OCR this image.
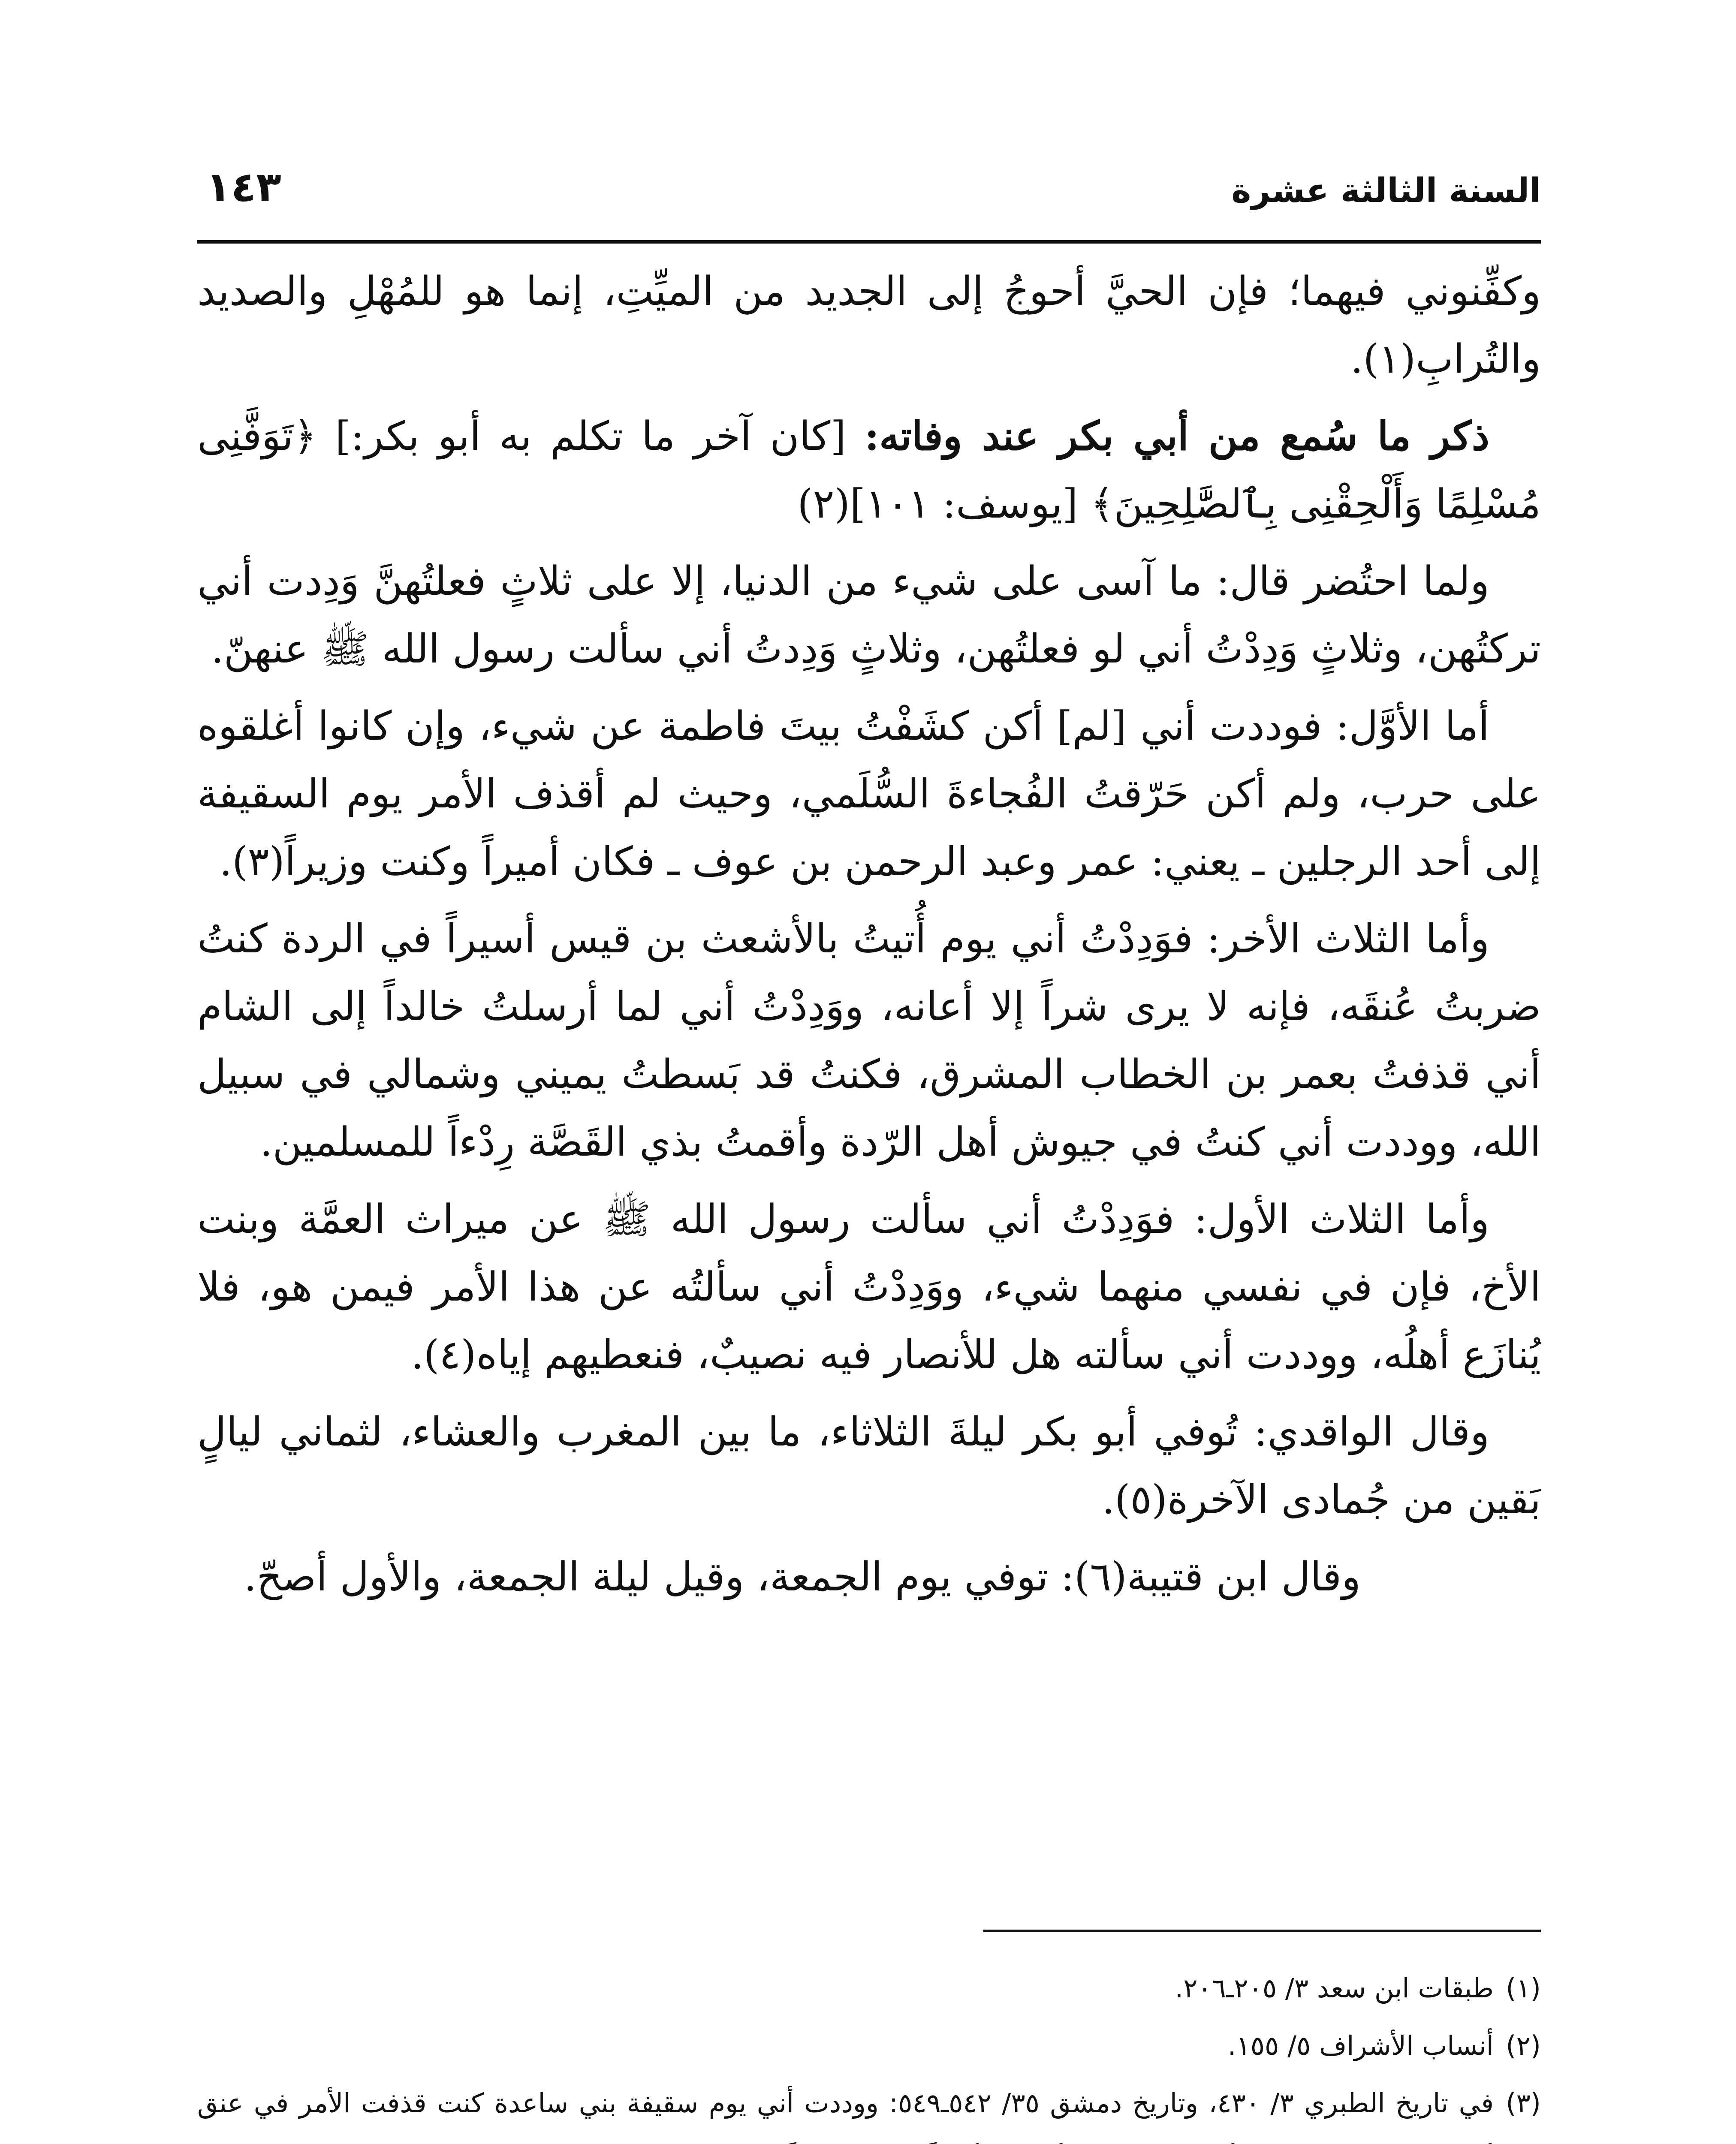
السنة الثالثة عشرة
١٤٣

وكفِّنوني فيهما؛ فإن الحيَّ أحوجُ إلى الجديد من الميِّتِ، إنما هو للمُهْلِ والصديد والتُرابِ(١).

ذكر ما سُمع من أبي بكر عند وفاته: [كان آخر ما تكلم به أبو بكر:] ﴿تَوَفَّنِى مُسْلِمًا وَأَلْحِقْنِى بِٱلصَّٰلِحِينَ﴾ [يوسف: ١٠١](٢)

ولما احتُضر قال: ما آسى على شيء من الدنيا، إلا على ثلاثٍ فعلتُهنَّ وَدِدت أني تركتُهن، وثلاثٍ وَدِدْتُ أني لو فعلتُهن، وثلاثٍ وَدِدتُ أني سألت رسول الله ﷺ عنهنّ.

أما الأوَّل: فوددت أني [لم] أكن كشَفْتُ بيتَ فاطمة عن شيء، وإن كانوا أغلقوه على حرب، ولم أكن حَرّقتُ الفُجاءةَ السُّلَمي، وحيث لم أقذف الأمر يوم السقيفة إلى أحد الرجلين ـ يعني: عمر وعبد الرحمن بن عوف ـ فكان أميراً وكنت وزيراً(٣).

وأما الثلاث الأخر: فوَدِدْتُ أني يوم أُتيتُ بالأشعث بن قيس أسيراً في الردة كنتُ ضربتُ عُنقَه، فإنه لا يرى شراً إلا أعانه، ووَدِدْتُ أني لما أرسلتُ خالداً إلى الشام أني قذفتُ بعمر بن الخطاب المشرق، فكنتُ قد بَسطتُ يميني وشمالي في سبيل الله، ووددت أني كنتُ في جيوش أهل الرّدة وأقمتُ بذي القَصَّة رِدْءاً للمسلمين.

وأما الثلاث الأول: فوَدِدْتُ أني سألت رسول الله ﷺ عن ميراث العمَّة وبنت الأخ، فإن في نفسي منهما شيء، ووَدِدْتُ أني سألتُه عن هذا الأمر فيمن هو، فلا يُنازَع أهلُه، ووددت أني سألته هل للأنصار فيه نصيبٌ، فنعطيهم إياه(٤).

وقال الواقدي: تُوفي أبو بكر ليلةَ الثلاثاء، ما بين المغرب والعشاء، لثماني ليالٍ بَقين من جُمادى الآخرة(٥).

وقال ابن قتيبة(٦): توفي يوم الجمعة، وقيل ليلة الجمعة، والأول أصحّ.

(١)طبقات ابن سعد ٣/ ٢٠٥ـ٢٠٦.

(٢)أنساب الأشراف ٥/ ١٥٥.

(٣)في تاريخ الطبري ٣/ ٤٣٠، وتاريخ دمشق ٣٥/ ٥٤٢ـ٥٤٩: ووددت أني يوم سقيفة بني ساعدة كنت قذفت الأمر في عنق
